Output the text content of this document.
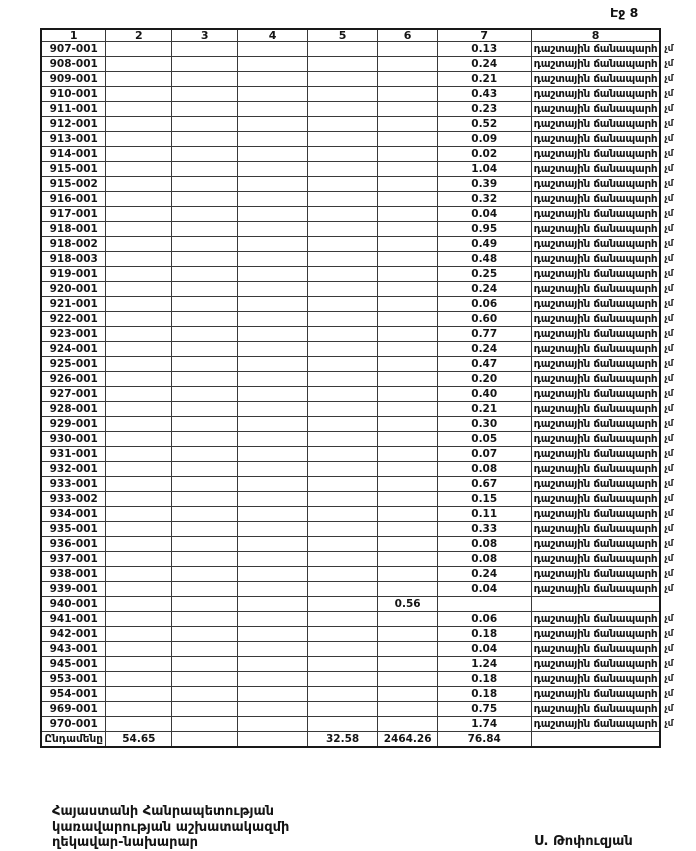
Էջ 8
1	2	3	4	5	6	7	8	
907-001						0.13	դաշտային ճանապարհ	չմ
908-001						0.24	դաշտային ճանապարհ	չմ
909-001						0.21	դաշտային ճանապարհ	չմ
910-001						0.43	դաշտային ճանապարհ	չմ
911-001						0.23	դաշտային ճանապարհ	չմ
912-001						0.52	դաշտային ճանապարհ	չմ
913-001						0.09	դաշտային ճանապարհ	չմ
914-001						0.02	դաշտային ճանապարհ	չմ
915-001						1.04	դաշտային ճանապարհ	չմ
915-002						0.39	դաշտային ճանապարհ	չմ
916-001						0.32	դաշտային ճանապարհ	չմ
917-001						0.04	դաշտային ճանապարհ	չմ
918-001						0.95	դաշտային ճանապարհ	չմ
918-002						0.49	դաշտային ճանապարհ	չմ
918-003						0.48	դաշտային ճանապարհ	չմ
919-001						0.25	դաշտային ճանապարհ	չմ
920-001						0.24	դաշտային ճանապարհ	չմ
921-001						0.06	դաշտային ճանապարհ	չմ
922-001						0.60	դաշտային ճանապարհ	չմ
923-001						0.77	դաշտային ճանապարհ	չմ
924-001						0.24	դաշտային ճանապարհ	չմ
925-001						0.47	դաշտային ճանապարհ	չմ
926-001						0.20	դաշտային ճանապարհ	չմ
927-001						0.40	դաշտային ճանապարհ	չմ
928-001						0.21	դաշտային ճանապարհ	չմ
929-001						0.30	դաշտային ճանապարհ	չմ
930-001						0.05	դաշտային ճանապարհ	չմ
931-001						0.07	դաշտային ճանապարհ	չմ
932-001						0.08	դաշտային ճանապարհ	չմ
933-001						0.67	դաշտային ճանապարհ	չմ
933-002						0.15	դաշտային ճանապարհ	չմ
934-001						0.11	դաշտային ճանապարհ	չմ
935-001						0.33	դաշտային ճանապարհ	չմ
936-001						0.08	դաշտային ճանապարհ	չմ
937-001						0.08	դաշտային ճանապարհ	չմ
938-001						0.24	դաշտային ճանապարհ	չմ
939-001						0.04	դաշտային ճանապարհ	չմ
940-001					0.56			
941-001						0.06	դաշտային ճանապարհ	չմ
942-001						0.18	դաշտային ճանապարհ	չմ
943-001						0.04	դաշտային ճանապարհ	չմ
945-001						1.24	դաշտային ճանապարհ	չմ
953-001						0.18	դաշտային ճանապարհ	չմ
954-001						0.18	դաշտային ճանապարհ	չմ
969-001						0.75	դաշտային ճանապարհ	չմ
970-001						1.74	դաշտային ճանապարհ	չմ
Ընդամենը	54.65			32.58	2464.26	76.84		
Հայաստանի Հանրապետության
կառավարության աշխատակազմի
ղեկավար-նախարար	Ս. Թոփուզյան
